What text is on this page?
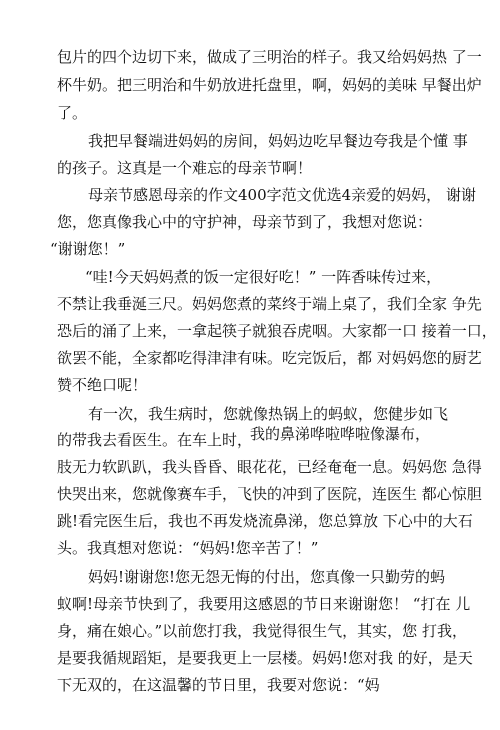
包片的四个边切下来，做成了三明治的样子。我又给妈妈热 了一
杯牛奶。把三明治和牛奶放进托盘里，啊，妈妈的美味 早餐出炉
了。
我把早餐端进妈妈的房间，妈妈边吃早餐边夸我是个懂 事
的孩子。这真是一个难忘的母亲节啊！
母亲节感恩母亲的作文400字范文优选4亲爱的妈妈， 谢谢
您，您真像我心中的守护神，母亲节到了，我想对您说：
“谢谢您！”
“哇!今天妈妈煮的饭一定很好吃！” 一阵香味传过来，
不禁让我垂涎三尺。妈妈您煮的菜终于端上桌了，我们全家 争先
恐后的涌了上来，一拿起筷子就狼吞虎咽。大家都一口 接着一口，
欲罢不能，全家都吃得津津有味。吃完饭后，都 对妈妈您的厨艺
赞不绝口呢！
有一次，我生病时，您就像热锅上的蚂蚁，您健步如飞
的带我去看医生。在车上时，
我的鼻涕哗啦哗啦像瀑布，
肢无力软趴趴，我头昏昏、眼花花，已经奄奄一息。妈妈您 急得
快哭出来，您就像赛车手，飞快的冲到了医院，连医生 都心惊胆
跳!看完医生后，我也不再发烧流鼻涕，您总算放 下心中的大石
头。我真想对您说：“妈妈!您辛苦了！”
妈妈!谢谢您!您无怨无悔的付出，您真像一只勤劳的蚂
蚁啊!母亲节快到了，我要用这感恩的节日来谢谢您！ “打在 儿
身，痛在娘心。”以前您打我，我觉得很生气，其实，您 打我，
是要我循规蹈矩，是要我更上一层楼。妈妈!您对我 的好，是天
下无双的，在这温馨的节日里，我要对您说：“妈
